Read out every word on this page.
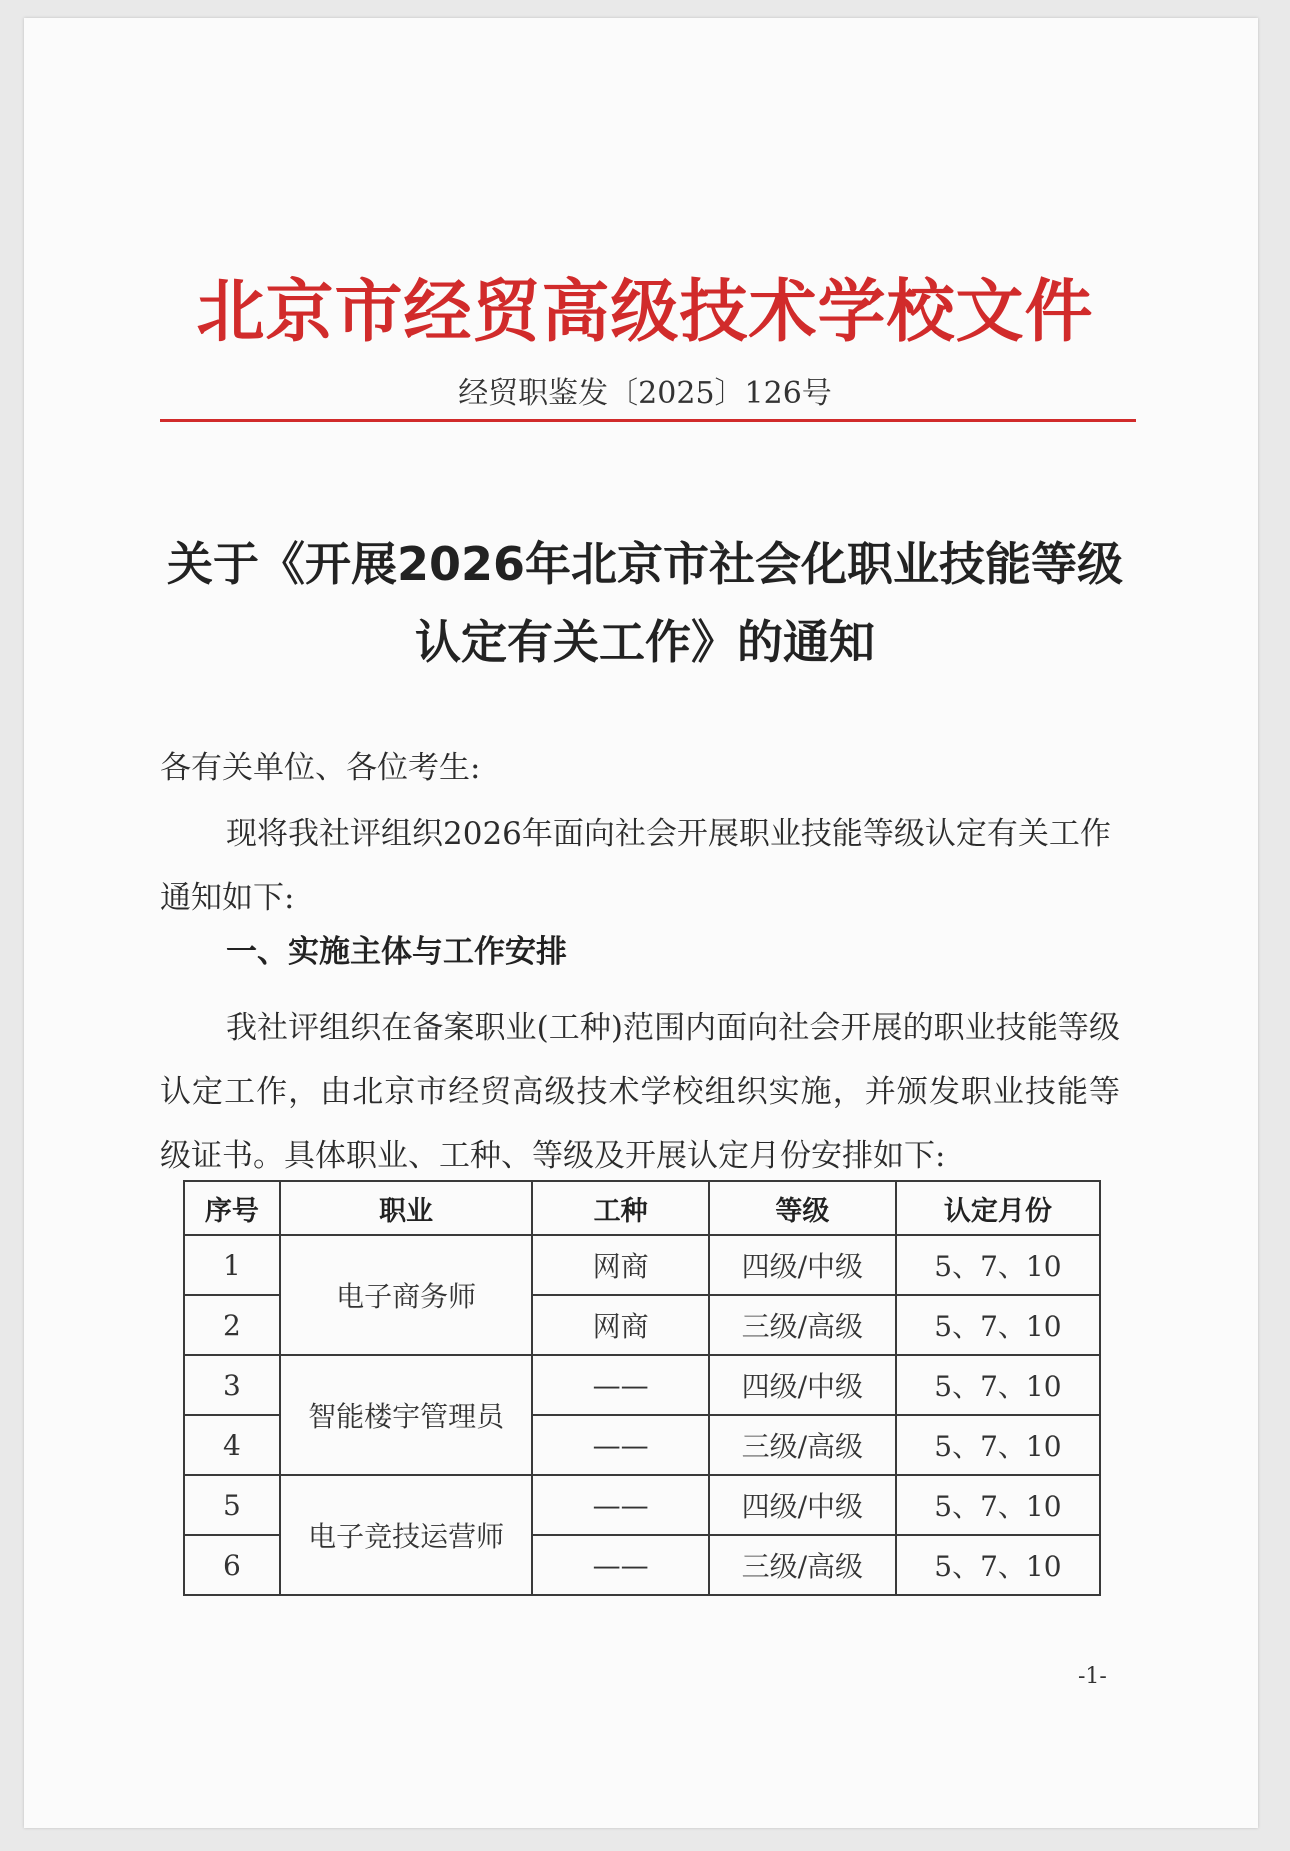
北京市经贸高级技术学校文件
经贸职鉴发〔2025〕126号
关于《开展2026年北京市社会化职业技能等级
认定有关工作》的通知

各有关单位、各位考生:

现将我社评组织2026年面向社会开展职业技能等级认定有关工作通知如下:

一、实施主体与工作安排

我社评组织在备案职业(工种)范围内面向社会开展的职业技能等级认定工作，由北京市经贸高级技术学校组织实施，并颁发职业技能等级证书。具体职业、工种、等级及开展认定月份安排如下:

序号	职业	工种	等级	认定月份
1	电子商务师	网商	四级/中级	5、7、10
2		网商	三级/高级	5、7、10
3	智能楼宇管理员	——	四级/中级	5、7、10
4		——	三级/高级	5、7、10
5	电子竞技运营师	——	四级/中级	5、7、10
6		——	三级/高级	5、7、10
-1-
